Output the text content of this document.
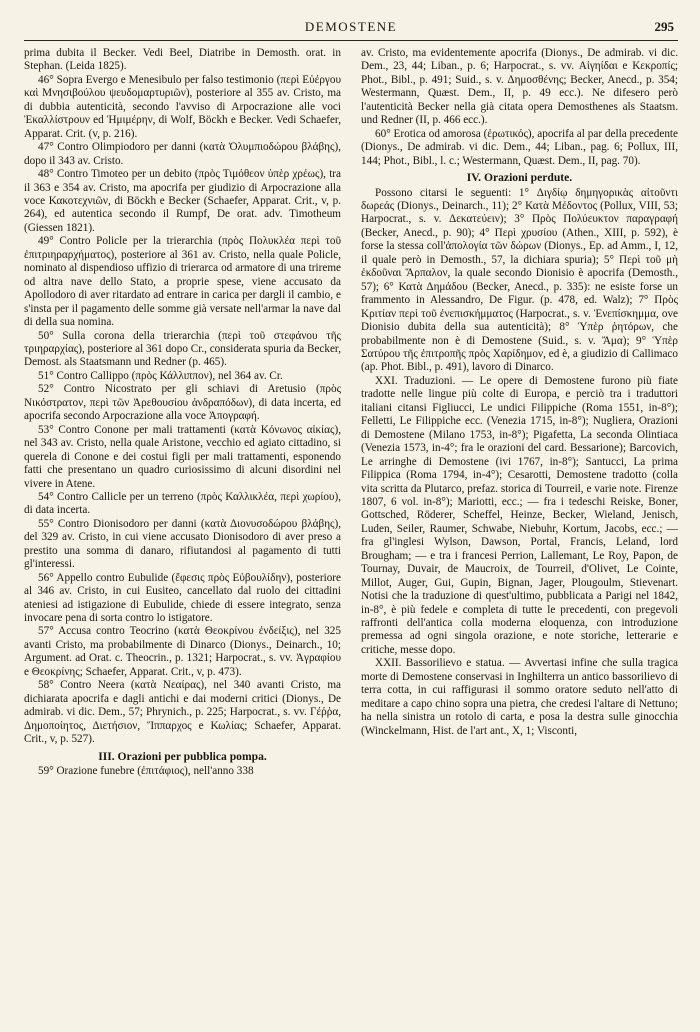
DEMOSTENE	295

prima dubita il Becker. Vedi Beel, Diatribe in Demosth. orat. in Stephan. (Leida 1825).

46° Sopra Evergo e Menesibulo per falso testimonio (περὶ Εὐέργου καὶ Μνησιβούλου ψευδομαρτυριῶν), posteriore al 355 av. Cristo, ma di dubbia autenticità, secondo l'avviso di Arpocrazione alle voci Ἐκαλλίστρουν ed Ἡμιμέρην, di Wolf, Böckh e Becker. Vedi Schaefer, Apparat. Crit. (v, p. 216).

47° Contro Olimpiodoro per danni (κατὰ Ὀλυμπιοδώρου βλάβης), dopo il 343 av. Cristo.

48° Contro Timoteo per un debito (πρὸς Τιμόθεον ὑπὲρ χρέως), tra il 363 e 354 av. Cristo, ma apocrifa per giudizio di Arpocrazione alla voce Κακοτεχνιῶν, di Böckh e Becker (Schaefer, Apparat. Crit., v, p. 264), ed autentica secondo il Rumpf, De orat. adv. Timotheum (Giessen 1821).

49° Contro Policle per la trierarchia (πρὸς Πολυκλέα περὶ τοῦ ἐπιτριηραρχήματος), posteriore al 361 av. Cristo, nella quale Policle, nominato al dispendioso uffizio di trierarca od armatore di una trireme od altra nave dello Stato, a proprie spese, viene accusato da Apollodoro di aver ritardato ad entrare in carica per dargli il cambio, e s'insta per il pagamento delle somme già versate nell'armar la nave dal di della sua nomina.

50° Sulla corona della trierarchia (περὶ τοῦ στεφάνου τῆς τριηραρχίας), posteriore al 361 dopo Cr., considerata spuria da Becker, Demost. als Staatsmann und Redner (p. 465).

51° Contro Callippo (πρὸς Κάλλιππον), nel 364 av. Cr.

52° Contro Nicostrato per gli schiavi di Aretusio (πρὸς Νικόστρατον, περὶ τῶν Ἀρεθουσίου ἀνδραπόδων), di data incerta, ed apocrifa secondo Arpocrazione alla voce Ἀπογραφή.

53° Contro Conone per mali trattamenti (κατὰ Κόνωνος αἰκίας), nel 343 av. Cristo, nella quale Aristone, vecchio ed agiato cittadino, si querela di Conone e dei costui figli per mali trattamenti, esponendo fatti che presentano un quadro curiosissimo di alcuni disordini nel vivere in Atene.

54° Contro Callicle per un terreno (πρὸς Καλλικλέα, περὶ χωρίου), di data incerta.

55° Contro Dionisodoro per danni (κατὰ Διονυσοδώρου βλάβης), del 329 av. Cristo, in cui viene accusato Dionisodoro di aver preso a prestito una somma di danaro, rifiutandosi al pagamento di tutti gl'interessi.

56° Appello contro Eubulide (ἔφεσις πρὸς Εὐβουλίδην), posteriore al 346 av. Cristo, in cui Eusiteo, cancellato dal ruolo dei cittadini ateniesi ad istigazione di Eubulide, chiede di essere integrato, senza invocare pena di sorta contro lo istigatore.

57° Accusa contro Teocrino (κατὰ Θεοκρίνου ἐνδείξις), nel 325 avanti Cristo, ma probabilmente di Dinarco (Dionys., Deinarch., 10; Argument. ad Orat. c. Theocrin., p. 1321; Harpocrat., s. vv. Ἀγραφίου e Θεοκρίνης; Schaefer, Apparat. Crit., v, p. 473).

58° Contro Neera (κατὰ Νεαίρας), nel 340 avanti Cristo, ma dichiarata apocrifa e dagli antichi e dai moderni critici (Dionys., De admirab. vi dic. Dem., 57; Phrynich., p. 225; Harpocrat., s. vv. Γέῤῥα, Δημοποίητος, Διετήσιον, Ἵππαρχος e Κωλίας; Schaefer, Apparat. Crit., v, p. 527).

III. Orazioni per pubblica pompa.

59° Orazione funebre (ἐπιτάφιος), nell'anno 338

av. Cristo, ma evidentemente apocrifa (Dionys., De admirab. vi dic. Dem., 23, 44; Liban., p. 6; Harpocrat., s. vv. Αἰγηίδαι e Κεκροπίς; Phot., Bibl., p. 491; Suid., s. v. Δημοσθένης; Becker, Anecd., p. 354; Westermann, Quæst. Dem., II, p. 49 ecc.). Ne difesero però l'autenticità Becker nella già citata opera Demosthenes als Staatsm. und Redner (II, p. 466 ecc.).

60° Erotica od amorosa (ἐρωτικός), apocrifa al par della precedente (Dionys., De admirab. vi dic. Dem., 44; Liban., pag. 6; Pollux, III, 144; Phot., Bibl., l. c.; Westermann, Quæst. Dem., II, pag. 70).

IV. Orazioni perdute.

Possono citarsi le seguenti: 1° Διγδίῳ δημηγορικὰς αἰτοῦντι δωρεάς (Dionys., Deinarch., 11); 2° Κατὰ Μέδοντος (Pollux, VIII, 53; Harpocrat., s. v. Δεκατεύειν); 3° Πρὸς Πολύευκτον παραγραφή (Becker, Anecd., p. 90); 4° Περὶ χρυσίου (Athen., XIII, p. 592), è forse la stessa coll'ἀπολογία τῶν δώρων (Dionys., Ep. ad Amm., I, 12, il quale però in Demosth., 57, la dichiara spuria); 5° Περὶ τοῦ μὴ ἐκδοῦναι Ἅρπαλον, la quale secondo Dionisio è apocrifa (Demosth., 57); 6° Κατὰ Δημάδου (Becker, Anecd., p. 335): ne esiste forse un frammento in Alessandro, De Figur. (p. 478, ed. Walz); 7° Πρὸς Κριτίαν περὶ τοῦ ἐνεπισκήμματος (Harpocrat., s. v. Ἐνεπίσκημμα, ove Dionisio dubita della sua autenticità); 8° Ὑπὲρ ῥητόρων, che probabilmente non è di Demostene (Suid., s. v. Ἄμα); 9° Ὑπὲρ Σατύρου τῆς ἐπιτροπῆς πρὸς Χαρίδημον, ed è, a giudizio di Callimaco (ap. Phot. Bibl., p. 491), lavoro di Dinarco.

XXI. Traduzioni. — Le opere di Demostene furono più fiate tradotte nelle lingue più colte di Europa, e perciò tra i traduttori italiani citansi Figliucci, Le undici Filippiche (Roma 1551, in-8°); Felletti, Le Filippiche ecc. (Venezia 1715, in-8°); Nugliera, Orazioni di Demostene (Milano 1753, in-8°); Pigafetta, La seconda Olintiaca (Venezia 1573, in-4°; fra le orazioni del card. Bessarione); Barcovich, Le arringhe di Demostene (ivi 1767, in-8°); Santucci, La prima Filippica (Roma 1794, in-4°); Cesarotti, Demostene tradotto (colla vita scritta da Plutarco, prefaz. storica di Tourreil, e varie note. Firenze 1807, 6 vol. in-8°); Mariotti, ecc.; — fra i tedeschi Reiske, Boner, Gottsched, Röderer, Scheffel, Heinze, Becker, Wieland, Jenisch, Luden, Seiler, Raumer, Schwabe, Niebuhr, Kortum, Jacobs, ecc.; — fra gl'inglesi Wylson, Dawson, Portal, Francis, Leland, lord Brougham; — e tra i francesi Perrion, Lallemant, Le Roy, Papon, de Tournay, Duvair, de Maucroix, de Tourreil, d'Olivet, Le Cointe, Millot, Auger, Gui, Gupin, Bignan, Jager, Plougoulm, Stievenart. Notisi che la traduzione di quest'ultimo, pubblicata a Parigi nel 1842, in-8°, è più fedele e completa di tutte le precedenti, con pregevoli raffronti dell'antica colla moderna eloquenza, con introduzione premessa ad ogni singola orazione, e note storiche, letterarie e critiche, messe dopo.

XXII. Bassorilievo e statua. — Avvertasi infine che sulla tragica morte di Demostene conservasi in Inghilterra un antico bassorilievo di terra cotta, in cui raffigurasi il sommo oratore seduto nell'atto di meditare a capo chino sopra una pietra, che credesi l'altare di Nettuno; ha nella sinistra un rotolo di carta, e posa la destra sulle ginocchia (Winckelmann, Hist. de l'art ant., X, 1; Visconti,
